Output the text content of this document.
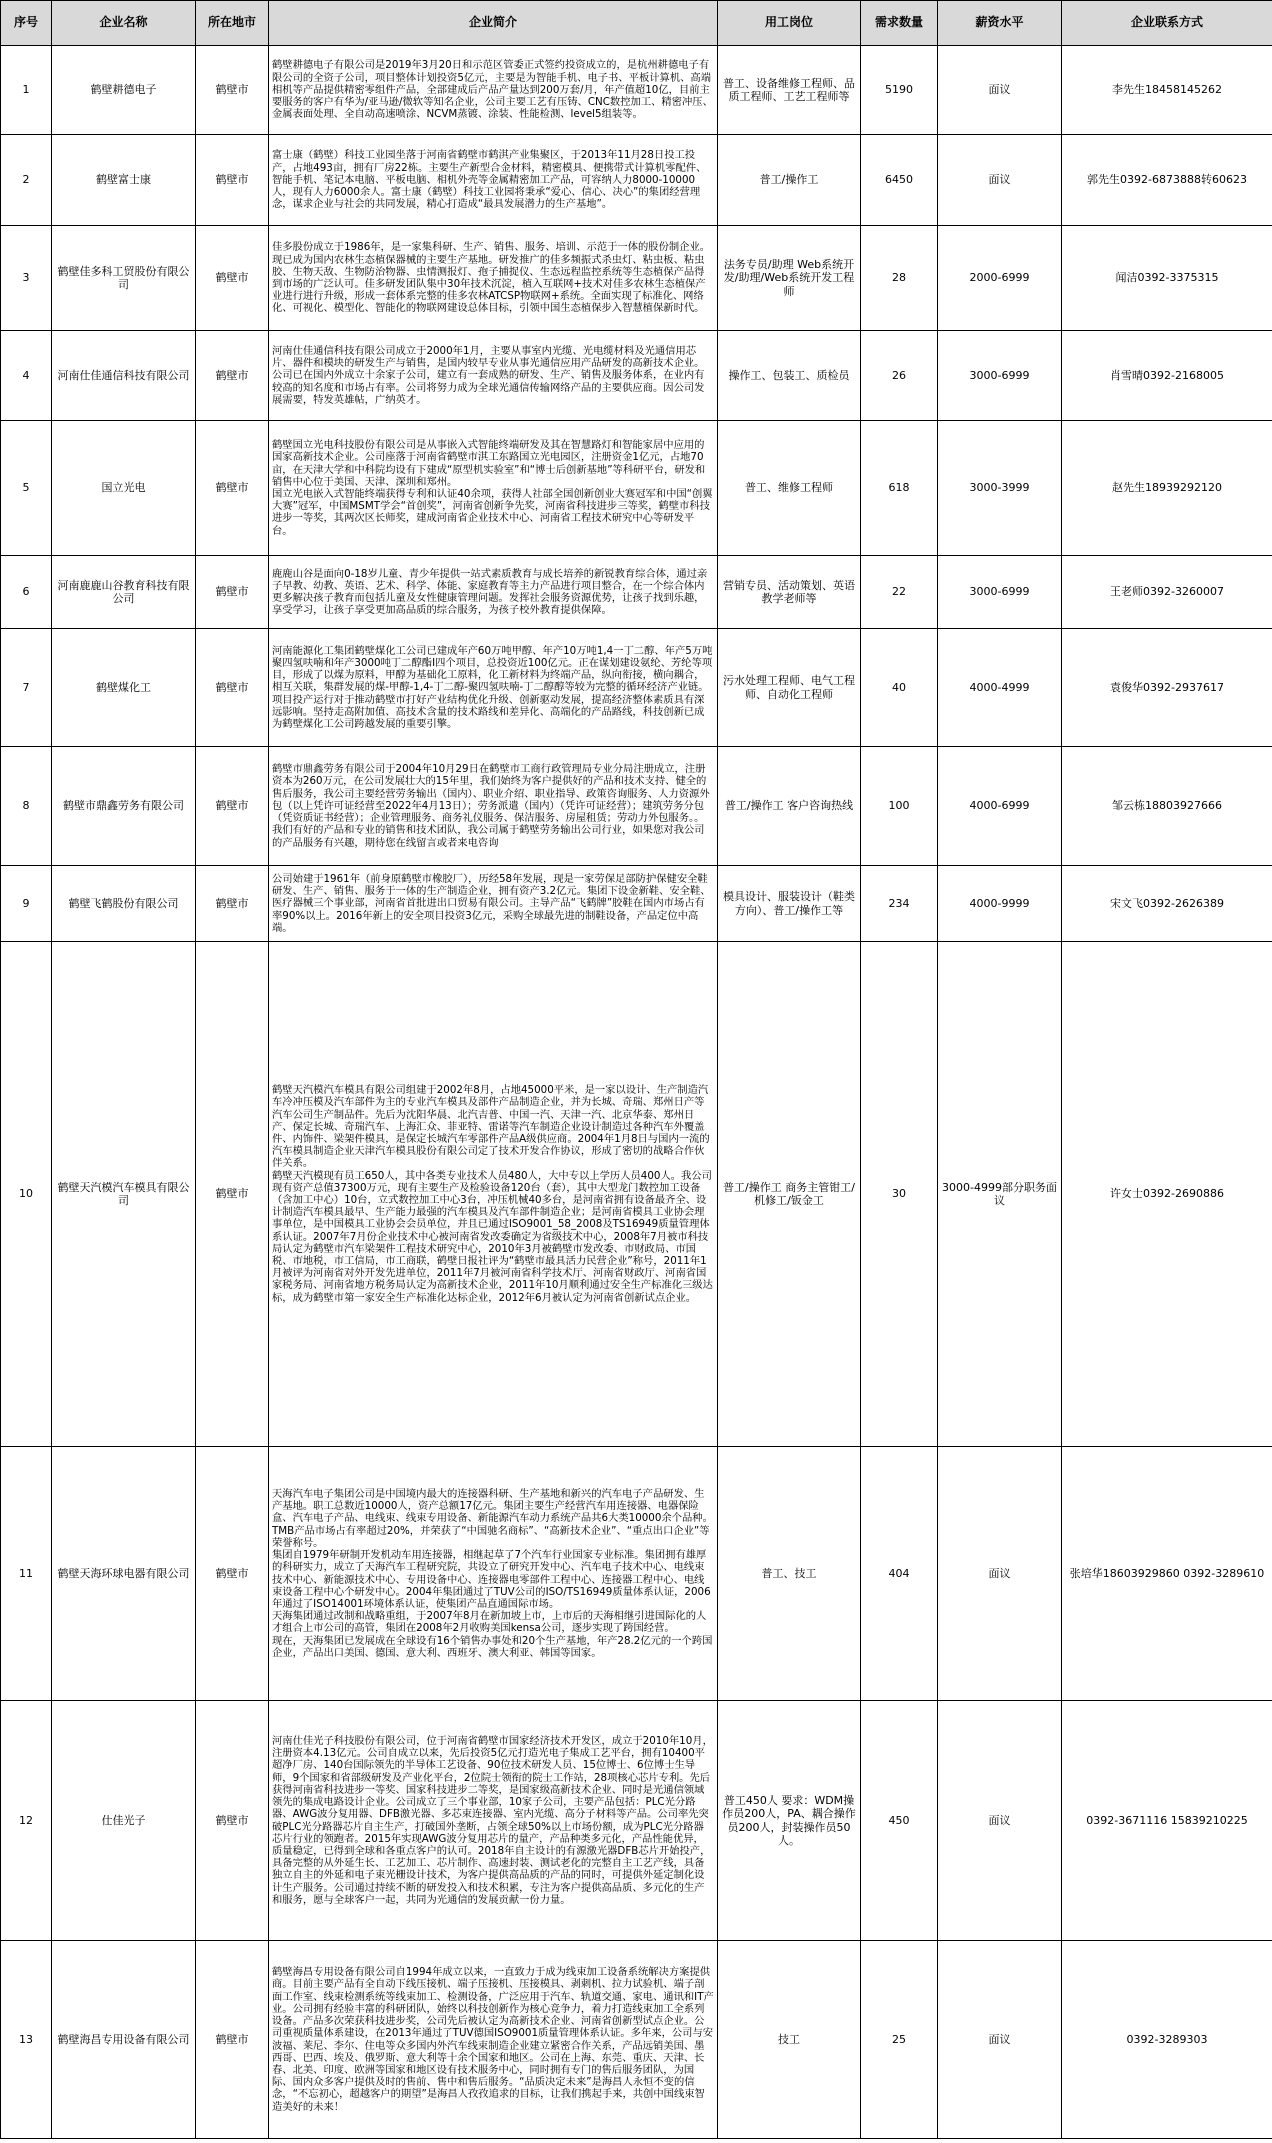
序号	企业名称	所在地市	企业简介	用工岗位	需求数量	薪资水平	企业联系方式

1	鹤壁耕德电子	鹤壁市	鹤壁耕德电子有限公司是2019年3月20日和示范区管委正式签约投资成立的，是杭州耕德电子有限公司的全资子公司，项目整体计划投资5亿元，主要是为智能手机、电子书、平板计算机、高端相机等产品提供精密零组件产品，全部建成后产品产量达到200万套/月，年产值超10亿，目前主要服务的客户有华为/亚马逊/微软等知名企业，公司主要工艺有压铸、CNC数控加工、精密冲压、金属表面处理、全自动高速喷涂、NCVM蒸镀、涂装、性能检测、level5组装等。	普工、设备维修工程师、品质工程师、工艺工程师等	5190	面议	李先生18458145262

2	鹤壁富士康	鹤壁市	富士康（鹤壁）科技工业园坐落于河南省鹤壁市鹤淇产业集聚区，于2013年11月28日投工投产，占地493亩，拥有厂房22栋。主要生产新型合金材料，精密模具、便携带式计算机零配件、智能手机、笔记本电脑、平板电脑、相机外壳等金属精密加工产品，可容纳人力8000-10000人，现有人力6000余人。富士康（鹤壁）科技工业园将秉承“爱心、信心、决心”的集团经营理念，谋求企业与社会的共同发展，精心打造成“最具发展潜力的生产基地”。	普工/操作工	6450	面议	郭先生0392-6873888转60623

3	鹤壁佳多科工贸股份有限公司	鹤壁市	佳多股份成立于1986年，是一家集科研、生产、销售、服务、培训、示范于一体的股份制企业。现已成为国内农林生态植保器械的主要生产基地。研发推广的佳多频振式杀虫灯、粘虫板、粘虫胶、生物天敌、生物防治物器、虫情测报灯、孢子捕捉仪、生态远程监控系统等生态植保产品得到市场的广泛认可。佳多研发团队集中30年技术沉淀，植入互联网+技术对佳多农林生态植保产业进行进行升级，形成一套体系完整的佳多农林ATCSP物联网+系统。全面实现了标准化、网络化、可视化、模型化、智能化的物联网建设总体目标，引领中国生态植保步入智慧植保新时代。	法务专员/助理 Web系统开发/助理/Web系统开发工程师	28	2000-6999	闻洁0392-3375315

4	河南仕佳通信科技有限公司	鹤壁市	河南仕佳通信科技有限公司成立于2000年1月，主要从事室内光缆、光电缆材料及光通信用芯片、器件和模块的研发生产与销售，是国内较早专业从事光通信应用产品研发的高新技术企业。公司已在国内外成立十余家子公司，建立有一套成熟的研发、生产、销售及服务体系，在业内有较高的知名度和市场占有率。公司将努力成为全球光通信传输网络产品的主要供应商。因公司发展需要，特发英雄帖，广纳英才。	操作工、包装工、质检员	26	3000-6999	肖雪晴0392-2168005

5	国立光电	鹤壁市	鹤壁国立光电科技股份有限公司是从事嵌入式智能终端研发及其在智慧路灯和智能家居中应用的国家高新技术企业。公司座落于河南省鹤壁市淇工东路国立光电园区，注册资金1亿元，占地70亩，在天津大学和中科院均设有下建成“原型机实验室”和“博士后创新基地”等科研平台，研发和销售中心位于美国、天津、深圳和郑州。
国立光电嵌入式智能终端获得专利和认证40余项，获得人社部全国创新创业大赛冠军和中国“创翼大赛”冠军，中国MSMT学会“首创奖”，河南省创新争先奖，河南省科技进步三等奖，鹤壁市科技进步一等奖，其两次区长师奖，建成河南省企业技术中心、河南省工程技术研究中心等研发平台。	普工、维修工程师	618	3000-3999	赵先生18939292120

6	河南鹿鹿山谷教育科技有限公司	鹤壁市	鹿鹿山谷是面向0-18岁儿童、青少年提供一站式素质教育与成长培养的新锐教育综合体，通过亲子早教、幼教、英语、艺术、科学、体能、家庭教育等主力产品进行项目整合，在一个综合体内更多解决孩子教育而包括儿童及女性健康管理问题。发挥社会服务资源优势，让孩子找到乐趣，享受学习，让孩子享受更加高品质的综合服务，为孩子校外教育提供保障。	营销专员、活动策划、英语教学老师等	22	3000-6999	王老师0392-3260007

7	鹤壁煤化工	鹤壁市	河南能源化工集团鹤壁煤化工公司已建成年产60万吨甲醇、年产10万吨1,4一丁二醇、年产5万吨聚四氢呋喃和年产3000吨丁二醇酯I四个项目，总投资近100亿元。正在谋划建设氨纶、芳纶等项目，形成了以煤为原料，甲醇为基础化工原料，化工新材料为终端产品，纵向衔接，横向耦合，相互关联，集群发展的煤-甲醇-1,4-丁二醇-聚四氢呋喃-丁二醇醇等较为完整的循环经济产业链。项目投产运行对于推动鹤壁市打好产业结构优化升级、创新驱动发展，提高经济整体素质具有深远影响。坚持走高附加值、高技术含量的技术路线和差异化、高端化的产品路线，科技创新已成为鹤壁煤化工公司跨越发展的重要引擎。	污水处理工程师、电气工程师、自动化工程师	40	4000-4999	袁俊华0392-2937617

8	鹤壁市鼎鑫劳务有限公司	鹤壁市	鹤壁市鼎鑫劳务有限公司于2004年10月29日在鹤壁市工商行政管理局专业分局注册成立，注册资本为260万元，在公司发展壮大的15年里，我们始终为客户提供好的产品和技术支持、健全的售后服务，我公司主要经营劳务输出（国内）、职业介绍、职业指导、政策咨询服务、人力资源外包（以上凭许可证经营至2022年4月13日）；劳务派遣（国内）（凭许可证经营）；建筑劳务分包（凭资质证书经营）；企业管理服务、商务礼仪服务、保洁服务、房屋租赁；劳动力外包服务。。我们有好的产品和专业的销售和技术团队，我公司属于鹤壁劳务输出公司行业，如果您对我公司的产品服务有兴趣，期待您在线留言或者来电咨询	普工/操作工 客户咨询热线	100	4000-6999	邹云栋18803927666

9	鹤壁飞鹤股份有限公司	鹤壁市	公司始建于1961年（前身原鹤壁市橡胶厂），历经58年发展，现是一家劳保足部防护保健安全鞋研发、生产、销售、服务于一体的生产制造企业，拥有资产3.2亿元。集团下设金新鞋、安全鞋、医疗器械三个事业部，河南省首批进出口贸易有限公司。主导产品“飞鹤牌”胶鞋在国内市场占有率90%以上。2016年新上的安全项目投资3亿元，采购全球最先进的制鞋设备，产品定位中高端。	模具设计、服装设计（鞋类方向）、普工/操作工等	234	4000-9999	宋文飞0392-2626389

10	鹤壁天汽模汽车模具有限公司	鹤壁市	鹤壁天汽模汽车模具有限公司组建于2002年8月，占地45000平米，是一家以设计、生产制造汽车冷冲压模及汽车部件为主的专业汽车模具及部件产品制造企业，并为长城、奇瑞、郑州日产等汽车公司生产制品件。先后为沈阳华晨、北汽吉普、中国一汽、天津一汽、北京华泰、郑州日产、保定长城、奇瑞汽车、上海汇众、菲亚特、雷诺等汽车制造企业设计制造过各种汽车外覆盖件、内饰件、梁架件模具，是保定长城汽车零部件产品A级供应商。2004年1月8日与国内一流的汽车模具制造企业天津汽车模具股份有限公司定了技术开发合作协议，形成了密切的战略合作伙伴关系。
鹤壁天汽模现有员工650人，其中各类专业技术人员480人，大中专以上学历人员400人。我公司现有资产总值37300万元，现有主要生产及检验设备120台（套），其中大型龙门数控加工设备（含加工中心）10台，立式数控加工中心3台，冲压机械40多台，是河南省拥有设备最齐全、设计制造汽车模具最早、生产能力最强的汽车模具及汽车部件制造企业；是河南省模具工业协会理事单位，是中国模具工业协会会员单位，并且已通过ISO9001_58_2008及TS16949质量管理体系认证。2007年7月份企业技术中心被河南省发改委确定为省级技术中心，2008年7月被市科技局认定为鹤壁市汽车梁架件工程技术研究中心，2010年3月被鹤壁市发改委、市财政局、市国税、市地税，市工信局，市工商联，鹤壁日报社评为“鹤壁市最具活力民营企业”称号，2011年1月被评为河南省对外开发先进单位，2011年7月被河南省科学技术厅、河南省财政厅、河南省国家税务局、河南省地方税务局认定为高新技术企业，2011年10月顺利通过安全生产标准化三级达标，成为鹤壁市第一家安全生产标准化达标企业，2012年6月被认定为河南省创新试点企业。	普工/操作工 商务主管钳工/机修工/钣金工	30	3000-4999部分职务面议	许女士0392-2690886

11	鹤壁天海环球电器有限公司	鹤壁市	天海汽车电子集团公司是中国境内最大的连接器科研、生产基地和新兴的汽车电子产品研发、生产基地。职工总数近10000人，资产总额17亿元。集团主要生产经营汽车用连接器、电器保险盒、汽车电子产品、电线束、线束专用设备、新能源汽车动力系统产品共6大类10000余个品种。TMB产品市场占有率超过20%，并荣获了“中国驰名商标”、“高新技术企业”、“重点出口企业”等荣誉称号。
集团自1979年研制开发机动车用连接器，相继起草了7个汽车行业国家专业标准。集团拥有雄厚的科研实力，成立了天海汽车工程研究院，共设立了研究开发中心、汽车电子技术中心、电线束技术中心、新能源技术中心、专用设备中心、连接器电零部件工程中心、连接器工程中心、电线束设备工程中心个研发中心。2004年集团通过了TUV公司的ISO/TS16949质量体系认证，2006年通过了ISO14001环境体系认证，使集团产品直通国际市场。
天海集团通过改制和战略重组，于2007年8月在新加坡上市，上市后的天海相继引进国际化的人才组合上市公司的高管，集团在2008年2月收购美国kensa公司，逐步实现了跨国经营。
现在，天海集团已发展成在全球设有16个销售办事处和20个生产基地，年产28.2亿元的一个跨国企业，产品出口美国、德国、意大利、西班牙、澳大利亚、韩国等国家。	普工、技工	404	面议	张培华18603929860 0392-3289610

12	仕佳光子	鹤壁市	河南仕佳光子科技股份有限公司，位于河南省鹤壁市国家经济技术开发区，成立于2010年10月，注册资本4.13亿元。公司自成立以来，先后投资5亿元打造光电子集成工艺平台，拥有10400平超净厂房、140台国际领先的半导体工艺设备、90位技术研发人员、15位博士、6位博士生导师，9个国家和省部级研发及产业化平台，2位院士领衔的院士工作站，28项核心芯片专利。先后获得河南省科技进步一等奖、国家科技进步二等奖，是国家级高新技术企业、同时是光通信领域领先的集成电路设计企业。公司成立了三个事业部，10家子公司，主要产品包括：PLC光分路器、AWG波分复用器、DFB激光器、多芯束连接器、室内光缆、高分子材料等产品。公司率先突破PLC光分路器芯片自主生产，打破国外垄断，占领全球50%以上市场份额，成为PLC光分路器芯片行业的领跑者。2015年实现AWG波分复用芯片的量产，产品种类多元化，产品性能优异，质量稳定，已得到全球和各重点客户的认可。2018年自主设计的有源激光器DFB芯片开始投产，具备完整的从外延生长、工艺加工、芯片制作、高速封装、测试老化的完整自主工艺产线，具备独立自主的外延和电子束光栅设计技术，为客户提供高品质的产品的同时，可提供外延定制化设计生产服务。公司通过持续不断的研发投入和技术积累，专注为客户提供高品质、多元化的生产和服务，愿与全球客户一起，共同为光通信的发展贡献一份力量。	普工450人 要求：WDM操作员200人，PA、耦合操作员200人，封装操作员50人。	450	面议	0392-3671116 15839210225

13	鹤壁海昌专用设备有限公司	鹤壁市	鹤壁海昌专用设备有限公司自1994年成立以来，一直致力于成为线束加工设备系统解决方案提供商。目前主要产品有全自动下线压接机、端子压接机、压接模具、剥刺机、拉力试验机、端子剖面工作室、线束检测系统等线束加工、检测设备，广泛应用于汽车、轨道交通、家电、通讯和IT产业。公司拥有经验丰富的科研团队，始终以科技创新作为核心竞争力，着力打造线束加工全系列设备。产品多次荣获科技进步奖，公司先后被认定为高新技术企业、河南省创新型试点企业。公司重视质量体系建设，在2013年通过了TUV德国ISO9001质量管理体系认证。多年来，公司与安波福、莱尼、李尔、住电等众多国内外汽车线束制造企业建立紧密合作关系，产品远销美国、墨西哥、巴西、埃及、俄罗斯、意大利等十余个国家和地区。公司在上海、东莞、重庆、天津、长春、北美、印度、欧洲等国家和地区设有技术服务中心，同时拥有专门的售后服务团队，为国际、国内众多客户提供及时的售前、售中和售后服务。“品质决定未来”是海昌人永恒不变的信念，“不忘初心，超越客户的期望”是海昌人孜孜追求的目标，让我们携起手来，共创中国线束智造美好的未来！	技工	25	面议	0392-3289303
